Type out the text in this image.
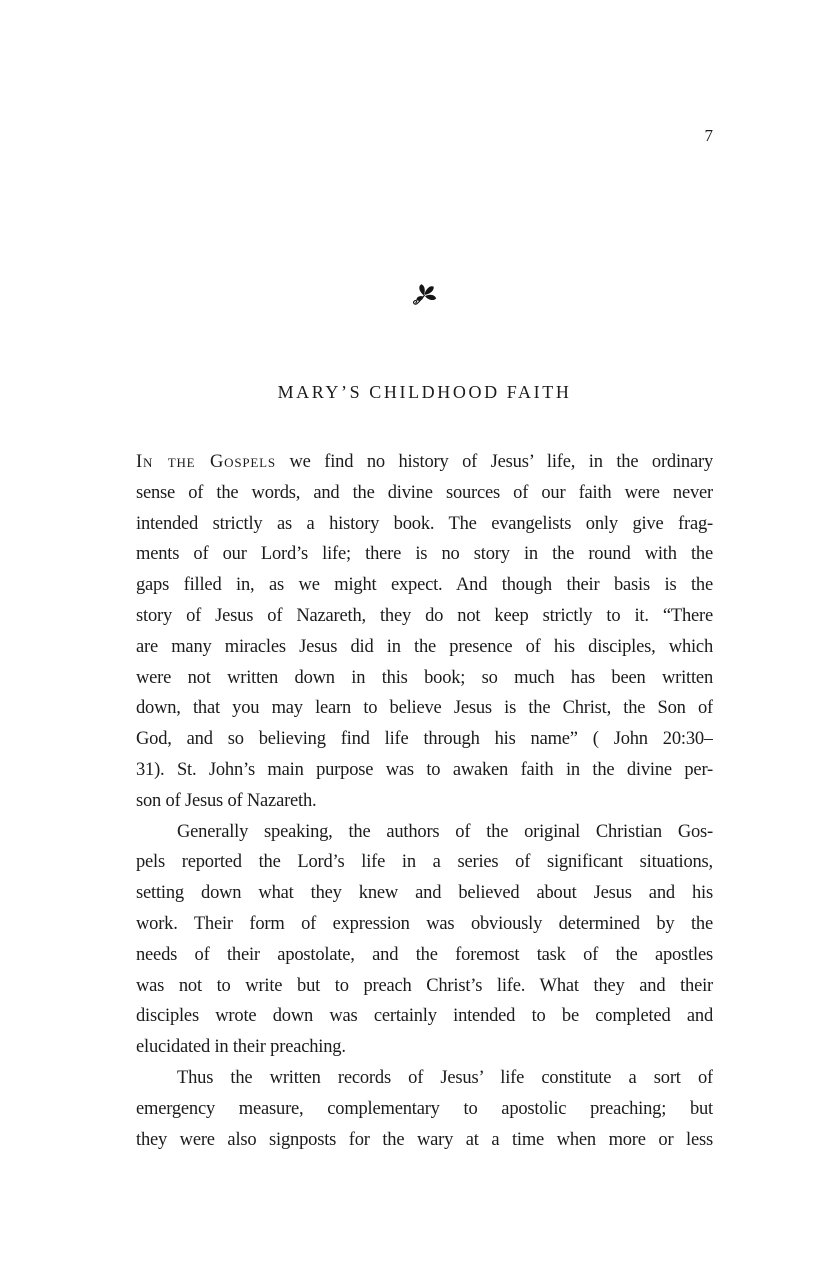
7
MARY’S CHILDHOOD FAITH
In the Gospels we find no history of Jesus’ life, in the ordinary
sense of the words, and the divine sources of our faith were never
intended strictly as a history book. The evangelists only give frag-
ments of our Lord’s life; there is no story in the round with the
gaps filled in, as we might expect. And though their basis is the
story of Jesus of Nazareth, they do not keep strictly to it. “There
are many miracles Jesus did in the presence of his disciples, which
were not written down in this book; so much has been written
down, that you may learn to believe Jesus is the Christ, the Son of
God, and so believing find life through his name” ( John 20:30–
31). St. John’s main purpose was to awaken faith in the divine per-
son of Jesus of Nazareth.
Generally speaking, the authors of the original Christian Gos-
pels reported the Lord’s life in a series of significant situations,
setting down what they knew and believed about Jesus and his
work. Their form of expression was obviously determined by the
needs of their apostolate, and the foremost task of the apostles
was not to write but to preach Christ’s life. What they and their
disciples wrote down was certainly intended to be completed and
elucidated in their preaching.
Thus the written records of Jesus’ life constitute a sort of
emergency measure, complementary to apostolic preaching; but
they were also signposts for the wary at a time when more or less
